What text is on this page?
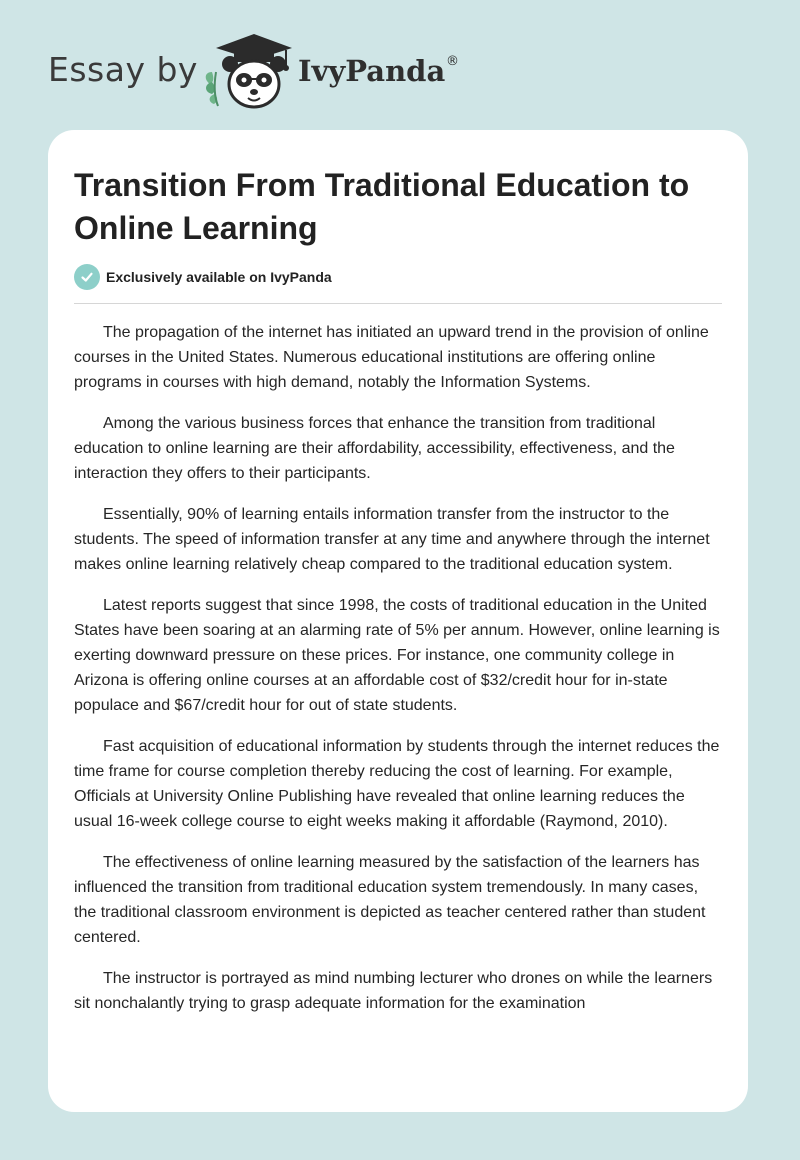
Essay by	IvyPanda ®
Transition From Traditional Education to Online Learning
Exclusively available on IvyPanda

The propagation of the internet has initiated an upward trend in the provision of online courses in the United States. Numerous educational institutions are offering online programs in courses with high demand, notably the Information Systems.

Among the various business forces that enhance the transition from traditional education to online learning are their affordability, accessibility, effectiveness, and the interaction they offers to their participants.

Essentially, 90% of learning entails information transfer from the instructor to the students. The speed of information transfer at any time and anywhere through the internet makes online learning relatively cheap compared to the traditional education system.

Latest reports suggest that since 1998, the costs of traditional education in the United States have been soaring at an alarming rate of 5% per annum. However, online learning is exerting downward pressure on these prices. For instance, one community college in Arizona is offering online courses at an affordable cost of $32/credit hour for in-state populace and $67/credit hour for out of state students.

Fast acquisition of educational information by students through the internet reduces the time frame for course completion thereby reducing the cost of learning. For example, Officials at University Online Publishing have revealed that online learning reduces the usual 16-week college course to eight weeks making it affordable (Raymond, 2010).

The effectiveness of online learning measured by the satisfaction of the learners has influenced the transition from traditional education system tremendously. In many cases, the traditional classroom environment is depicted as teacher centered rather than student centered.

The instructor is portrayed as mind numbing lecturer who drones on while the learners sit nonchalantly trying to grasp adequate information for the examination
